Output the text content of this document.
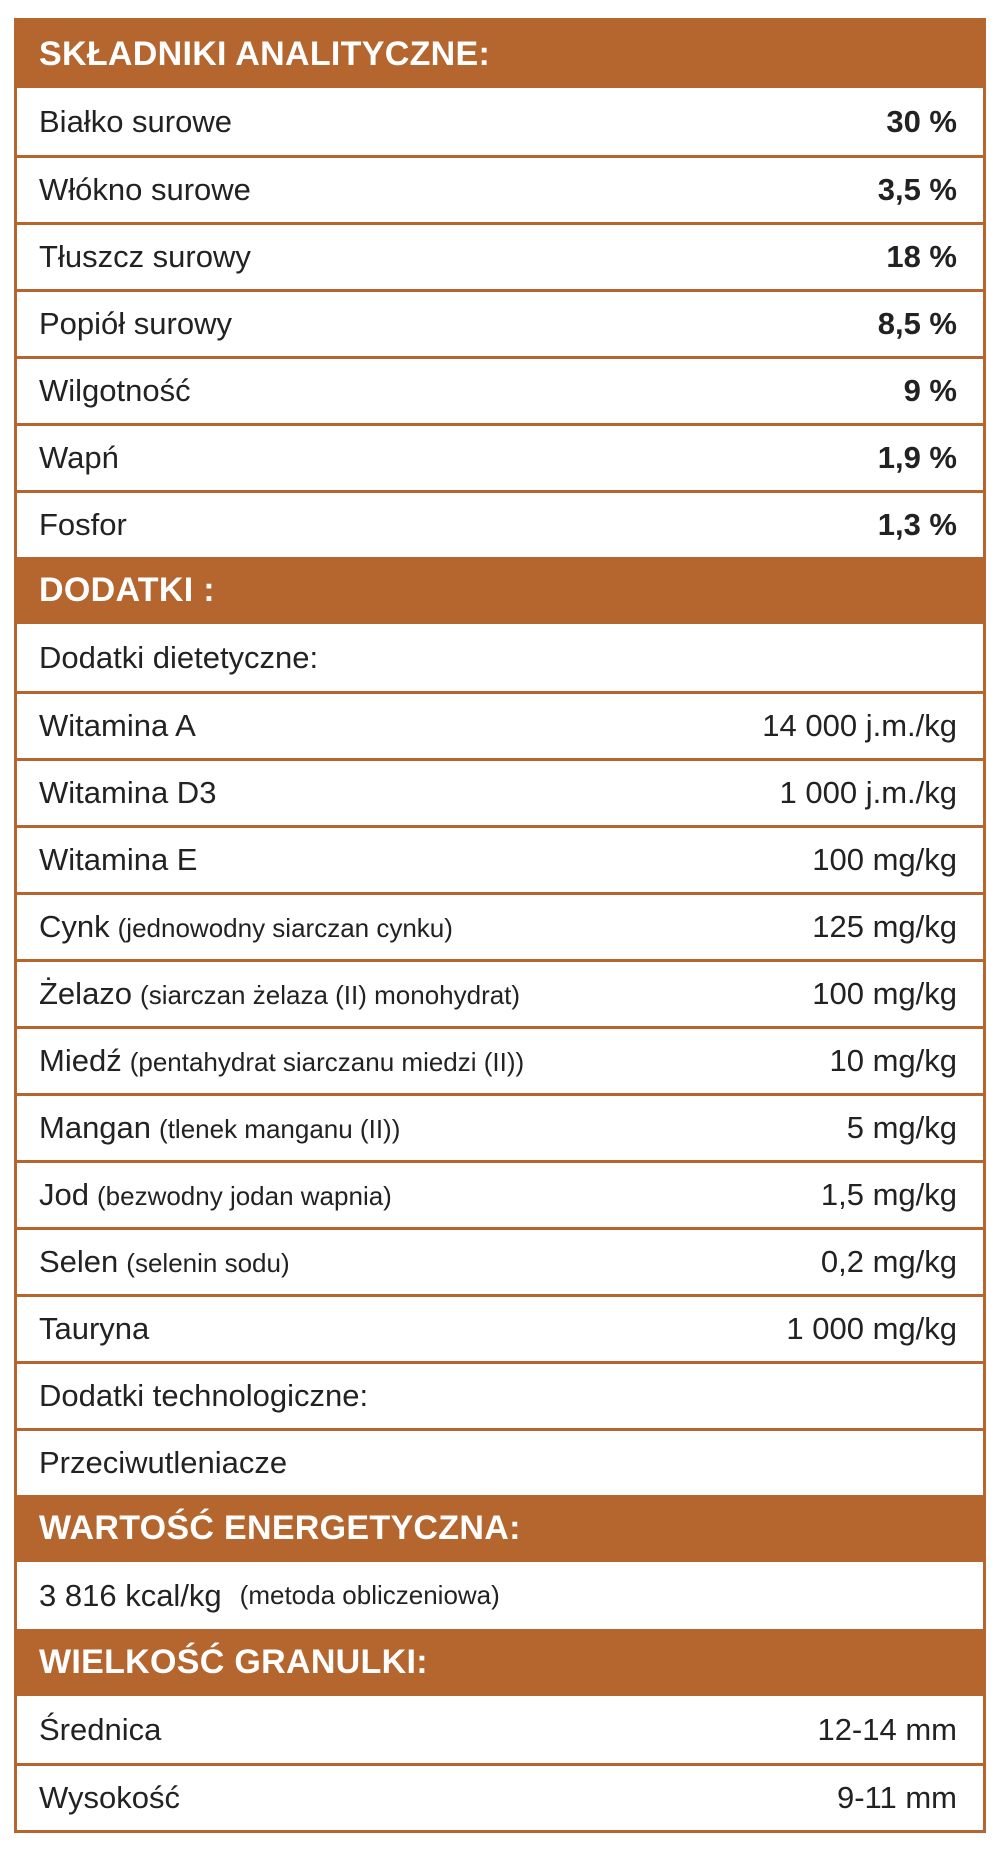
SKŁADNIKI ANALITYCZNE:
Białko surowe	30 %
Włókno surowe	3,5 %
Tłuszcz surowy	18 %
Popiół surowy	8,5 %
Wilgotność	9 %
Wapń	1,9 %
Fosfor	1,3 %
DODATKI :
Dodatki dietetyczne:
Witamina A	14 000 j.m./kg
Witamina D3	1 000 j.m./kg
Witamina E	100 mg/kg
Cynk (jednowodny siarczan cynku)	125 mg/kg
Żelazo (siarczan żelaza (II) monohydrat)	100 mg/kg
Miedź (pentahydrat siarczanu miedzi (II))	10 mg/kg
Mangan (tlenek manganu (II))	5 mg/kg
Jod (bezwodny jodan wapnia)	1,5 mg/kg
Selen (selenin sodu)	0,2 mg/kg
Tauryna	1 000 mg/kg
Dodatki technologiczne:
Przeciwutleniacze
WARTOŚĆ ENERGETYCZNA:
3 816 kcal/kg (metoda obliczeniowa)
WIELKOŚĆ GRANULKI:
Średnica	12-14 mm
Wysokość	9-11 mm
